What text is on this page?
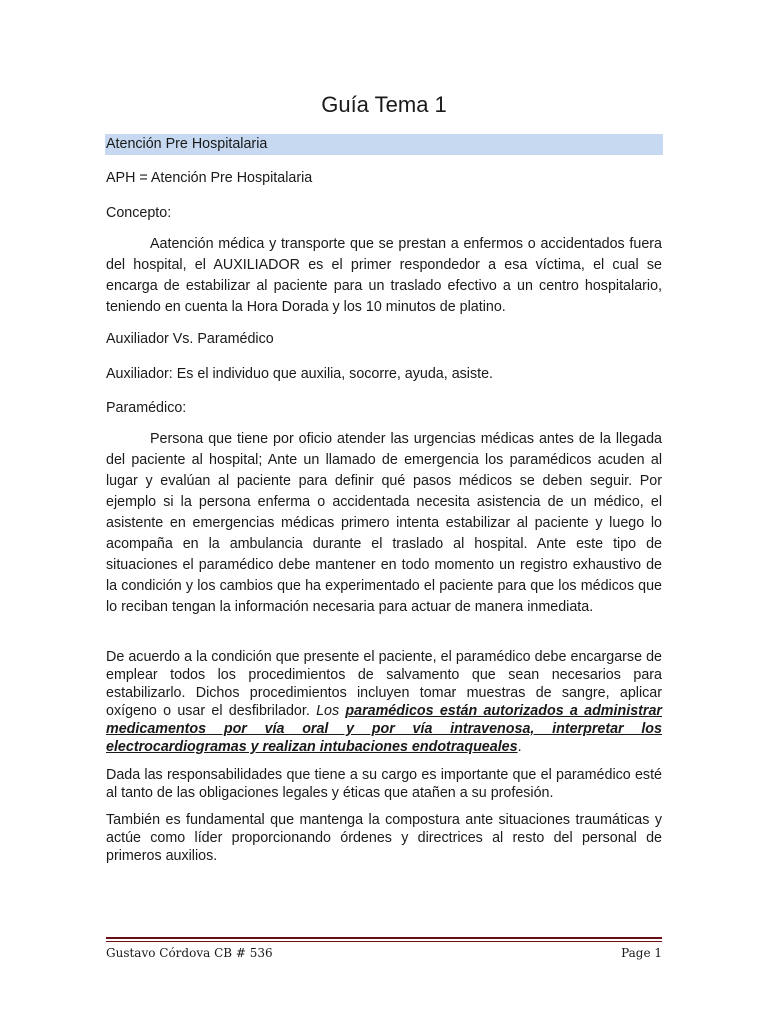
Guía Tema 1
Atención Pre Hospitalaria

APH = Atención Pre Hospitalaria

Concepto:

Aatención médica y transporte que se prestan a enfermos o accidentados fuera del hospital, el AUXILIADOR es el primer respondedor a esa víctima, el cual se encarga de estabilizar al paciente para un traslado efectivo a un centro hospitalario, teniendo en cuenta la Hora Dorada y los 10 minutos de platino.

Auxiliador Vs. Paramédico

Auxiliador: Es el individuo que auxilia, socorre, ayuda, asiste.

Paramédico:

Persona que tiene por oficio atender las urgencias médicas antes de la llegada del paciente al hospital; Ante un llamado de emergencia los paramédicos acuden al lugar y evalúan al paciente para definir qué pasos médicos se deben seguir. Por ejemplo si la persona enferma o accidentada necesita asistencia de un médico, el asistente en emergencias médicas primero intenta estabilizar al paciente y luego lo acompaña en la ambulancia durante el traslado al hospital. Ante este tipo de situaciones el paramédico debe mantener en todo momento un registro exhaustivo de la condición y los cambios que ha experimentado el paciente para que los médicos que lo reciban tengan la información necesaria para actuar de manera inmediata.

De acuerdo a la condición que presente el paciente, el paramédico debe encargarse de emplear todos los procedimientos de salvamento que sean necesarios para estabilizarlo. Dichos procedimientos incluyen tomar muestras de sangre, aplicar oxígeno o usar el desfibrilador. Los paramédicos están autorizados a administrar medicamentos por vía oral y por vía intravenosa, interpretar los electrocardiogramas y realizan intubaciones endotraqueales.

Dada las responsabilidades que tiene a su cargo es importante que el paramédico esté al tanto de las obligaciones legales y éticas que atañen a su profesión.

También es fundamental que mantenga la compostura ante situaciones traumáticas y actúe como líder proporcionando órdenes y directrices al resto del personal de primeros auxilios.

Gustavo Córdova CB # 536	Page 1
